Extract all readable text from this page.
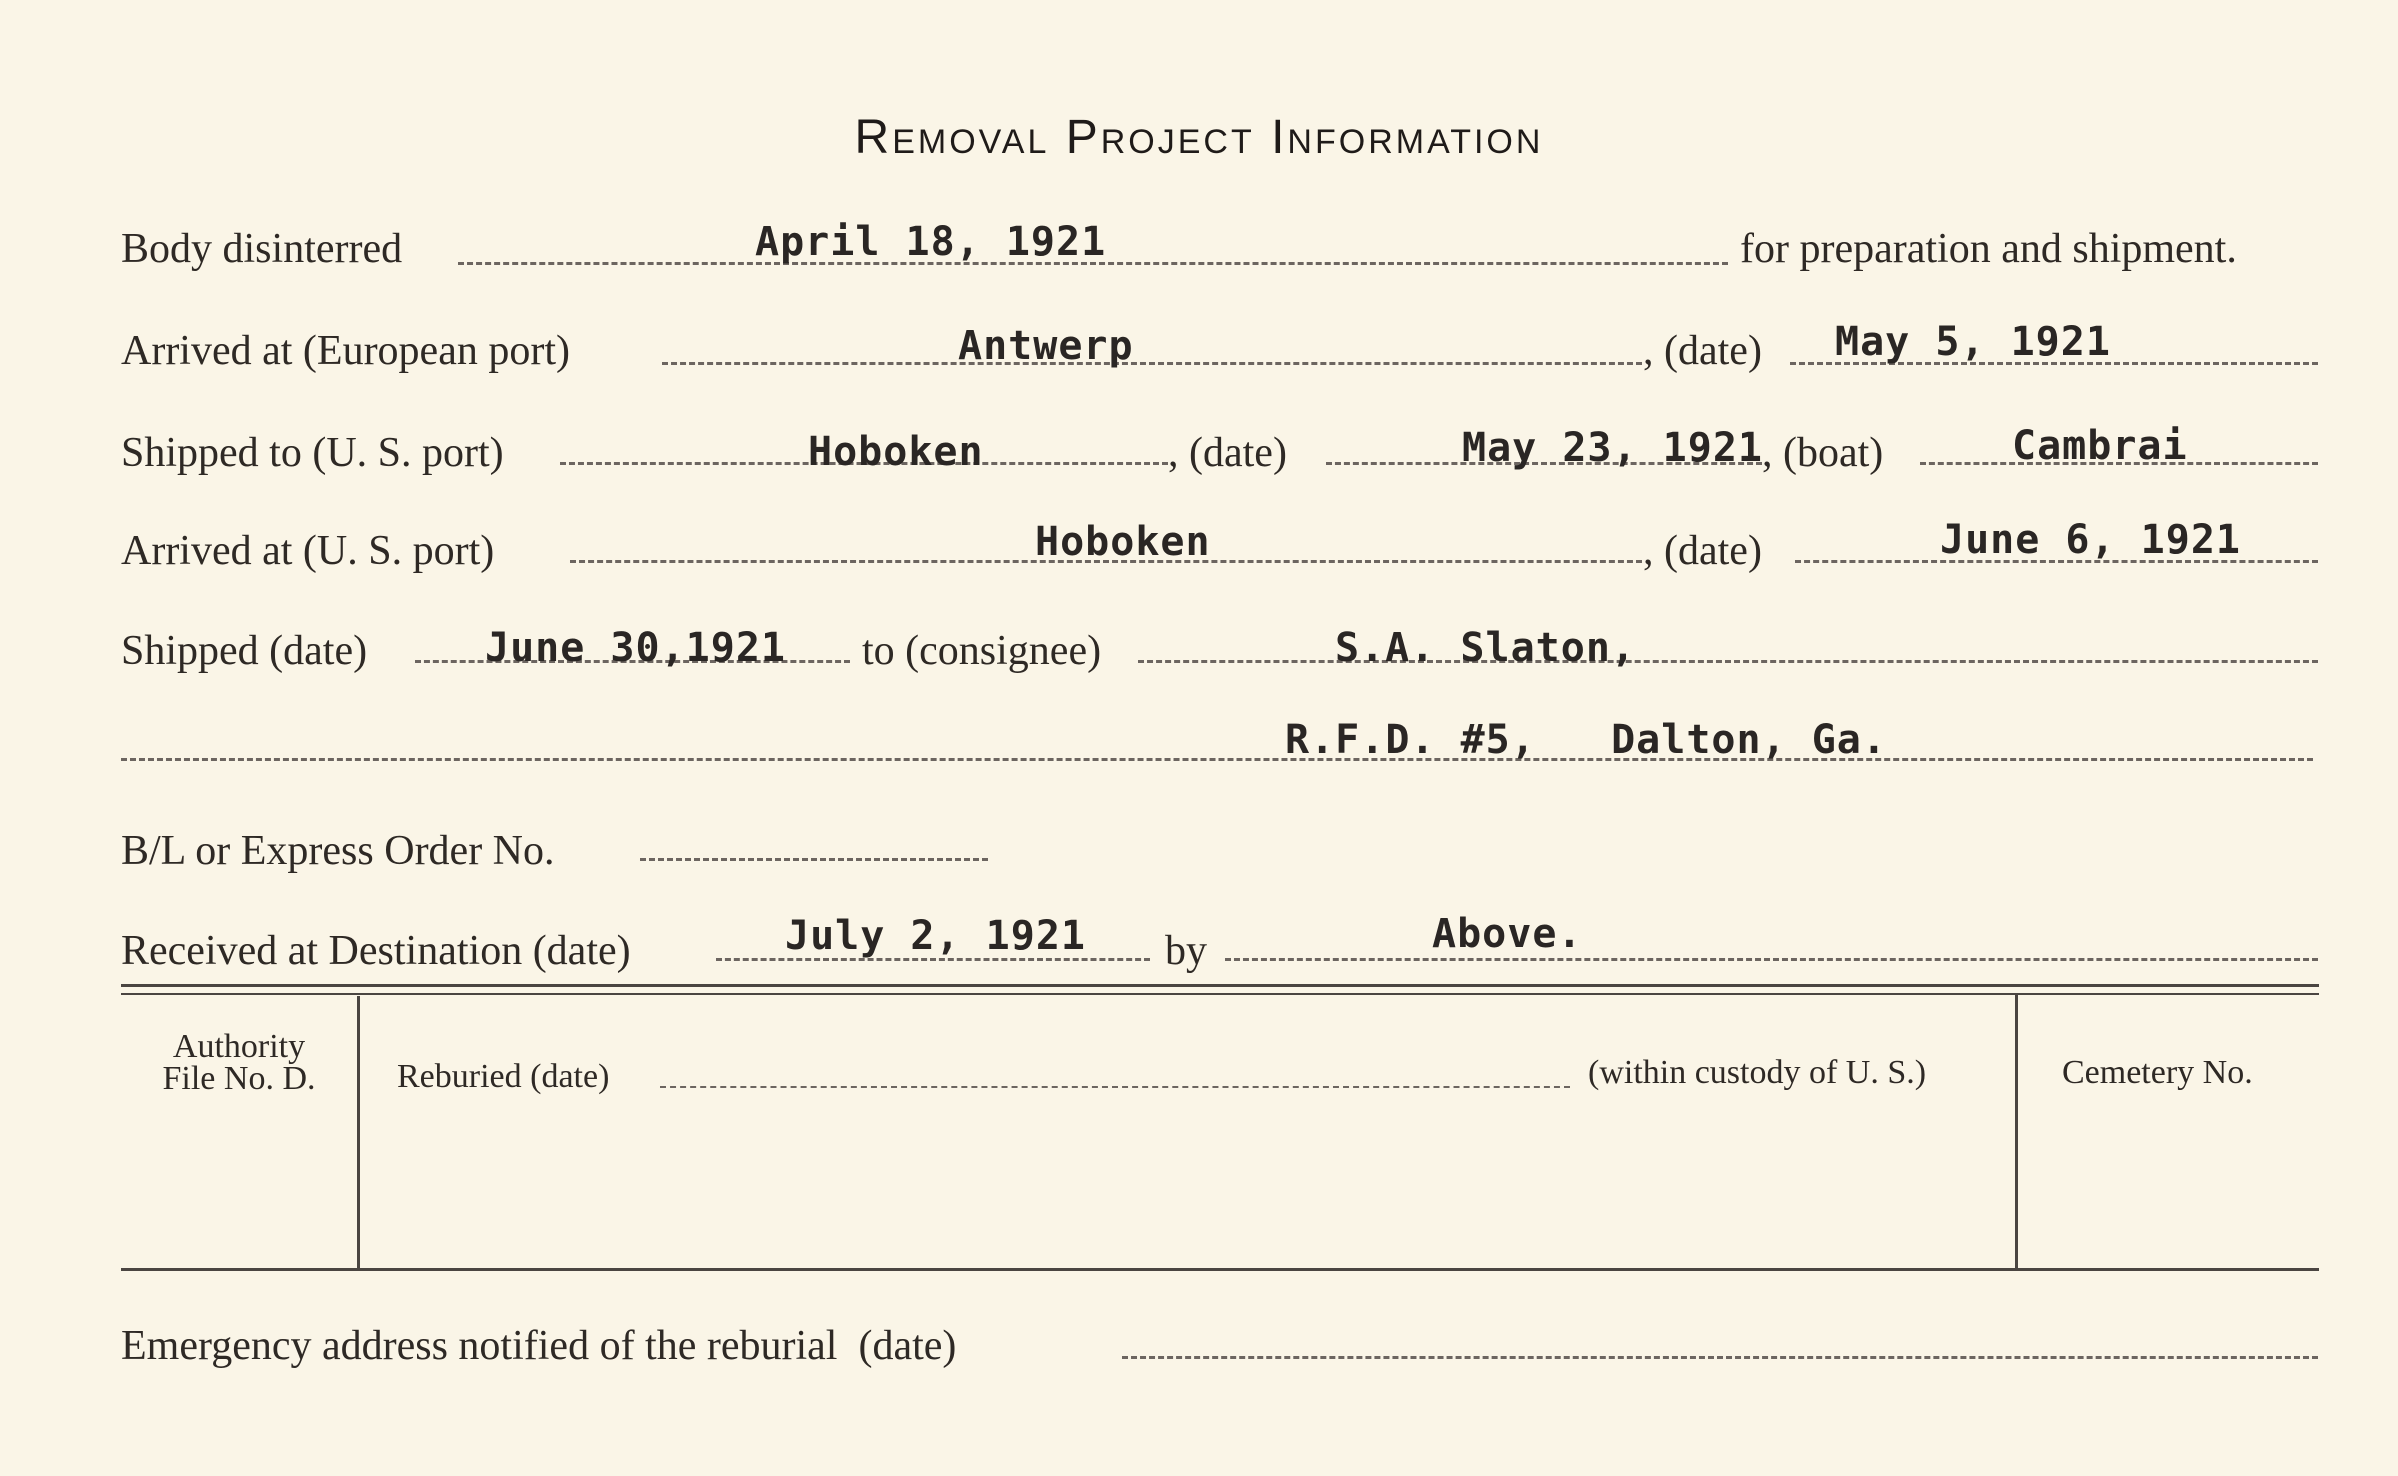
Removal Project Information
Body disinterred	April 18, 1921	for preparation and shipment.
Arrived at (European port)	Antwerp	, (date) May 5, 1921
Shipped to (U. S. port)	Hoboken	, (date)	May 23, 1921 , (boat)	Cambrai
Arrived at (U. S. port)	Hoboken	, (date)	June 6, 1921
Shipped (date)	June 30,1921 to (consignee)	S.A. Slaton,
R.F.D. #5,   Dalton, Ga.
B/L or Express Order No.
Received at Destination (date)	July 2, 1921 by	Above.
Authority
File No. D.	Reburied (date)	(within custody of U. S.)	Cemetery No.
Emergency address notified of the reburial  (date)
